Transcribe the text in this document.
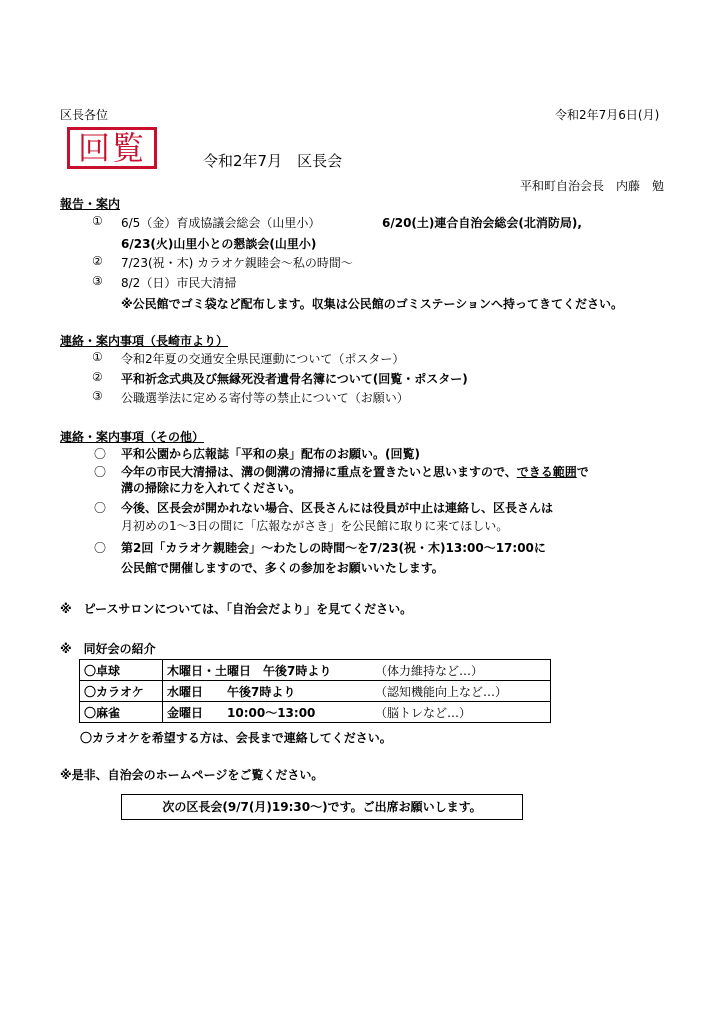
区長各位	令和2年7月6日(月)
回覧	令和2年7月　区長会
平和町自治会長　内藤　勉
報告・案内
① 6/5（金）育成協議会総会（山里小）	6/20(土)連合自治会総会(北消防局),
6/23(火)山里小との懇談会(山里小)
② 7/23(祝・木) カラオケ親睦会～私の時間～
③ 8/2（日）市民大清掃
※公民館でゴミ袋など配布します。収集は公民館のゴミステーションへ持ってきてください。
連絡・案内事項（長崎市より）
① 令和2年夏の交通安全県民運動について（ポスター）
② 平和祈念式典及び無縁死没者遺骨名簿について(回覧・ポスター)
③ 公職選挙法に定める寄付等の禁止について（お願い）
連絡・案内事項（その他）
〇 平和公園から広報誌「平和の泉」配布のお願い。(回覧)
〇 今年の市民大清掃は、溝の側溝の清掃に重点を置きたいと思いますので、できる範囲で
溝の掃除に力を入れてください。
〇 今後、区長会が開かれない場合、区長さんには役員が中止は連絡し、区長さんは
月初めの1～3日の間に「広報ながさき」を公民館に取りに来てほしい。
〇 第2回「カラオケ親睦会」～わたしの時間～を7/23(祝・木)13:00～17:00に
公民館で開催しますので、多くの参加をお願いいたします。
※　ピースサロンについては、「自治会だより」を見てください。
※　同好会の紹介
〇卓球	木曜日・土曜日　午後7時より	（体力維持など…）
〇カラオケ	水曜日　　午後7時より	（認知機能向上など…）
〇麻雀	金曜日　　10:00～13:00	（脳トレなど…）
〇カラオケを希望する方は、会長まで連絡してください。
※是非、自治会のホームページをご覧ください。
次の区長会(9/7(月)19:30～)です。ご出席お願いします。
